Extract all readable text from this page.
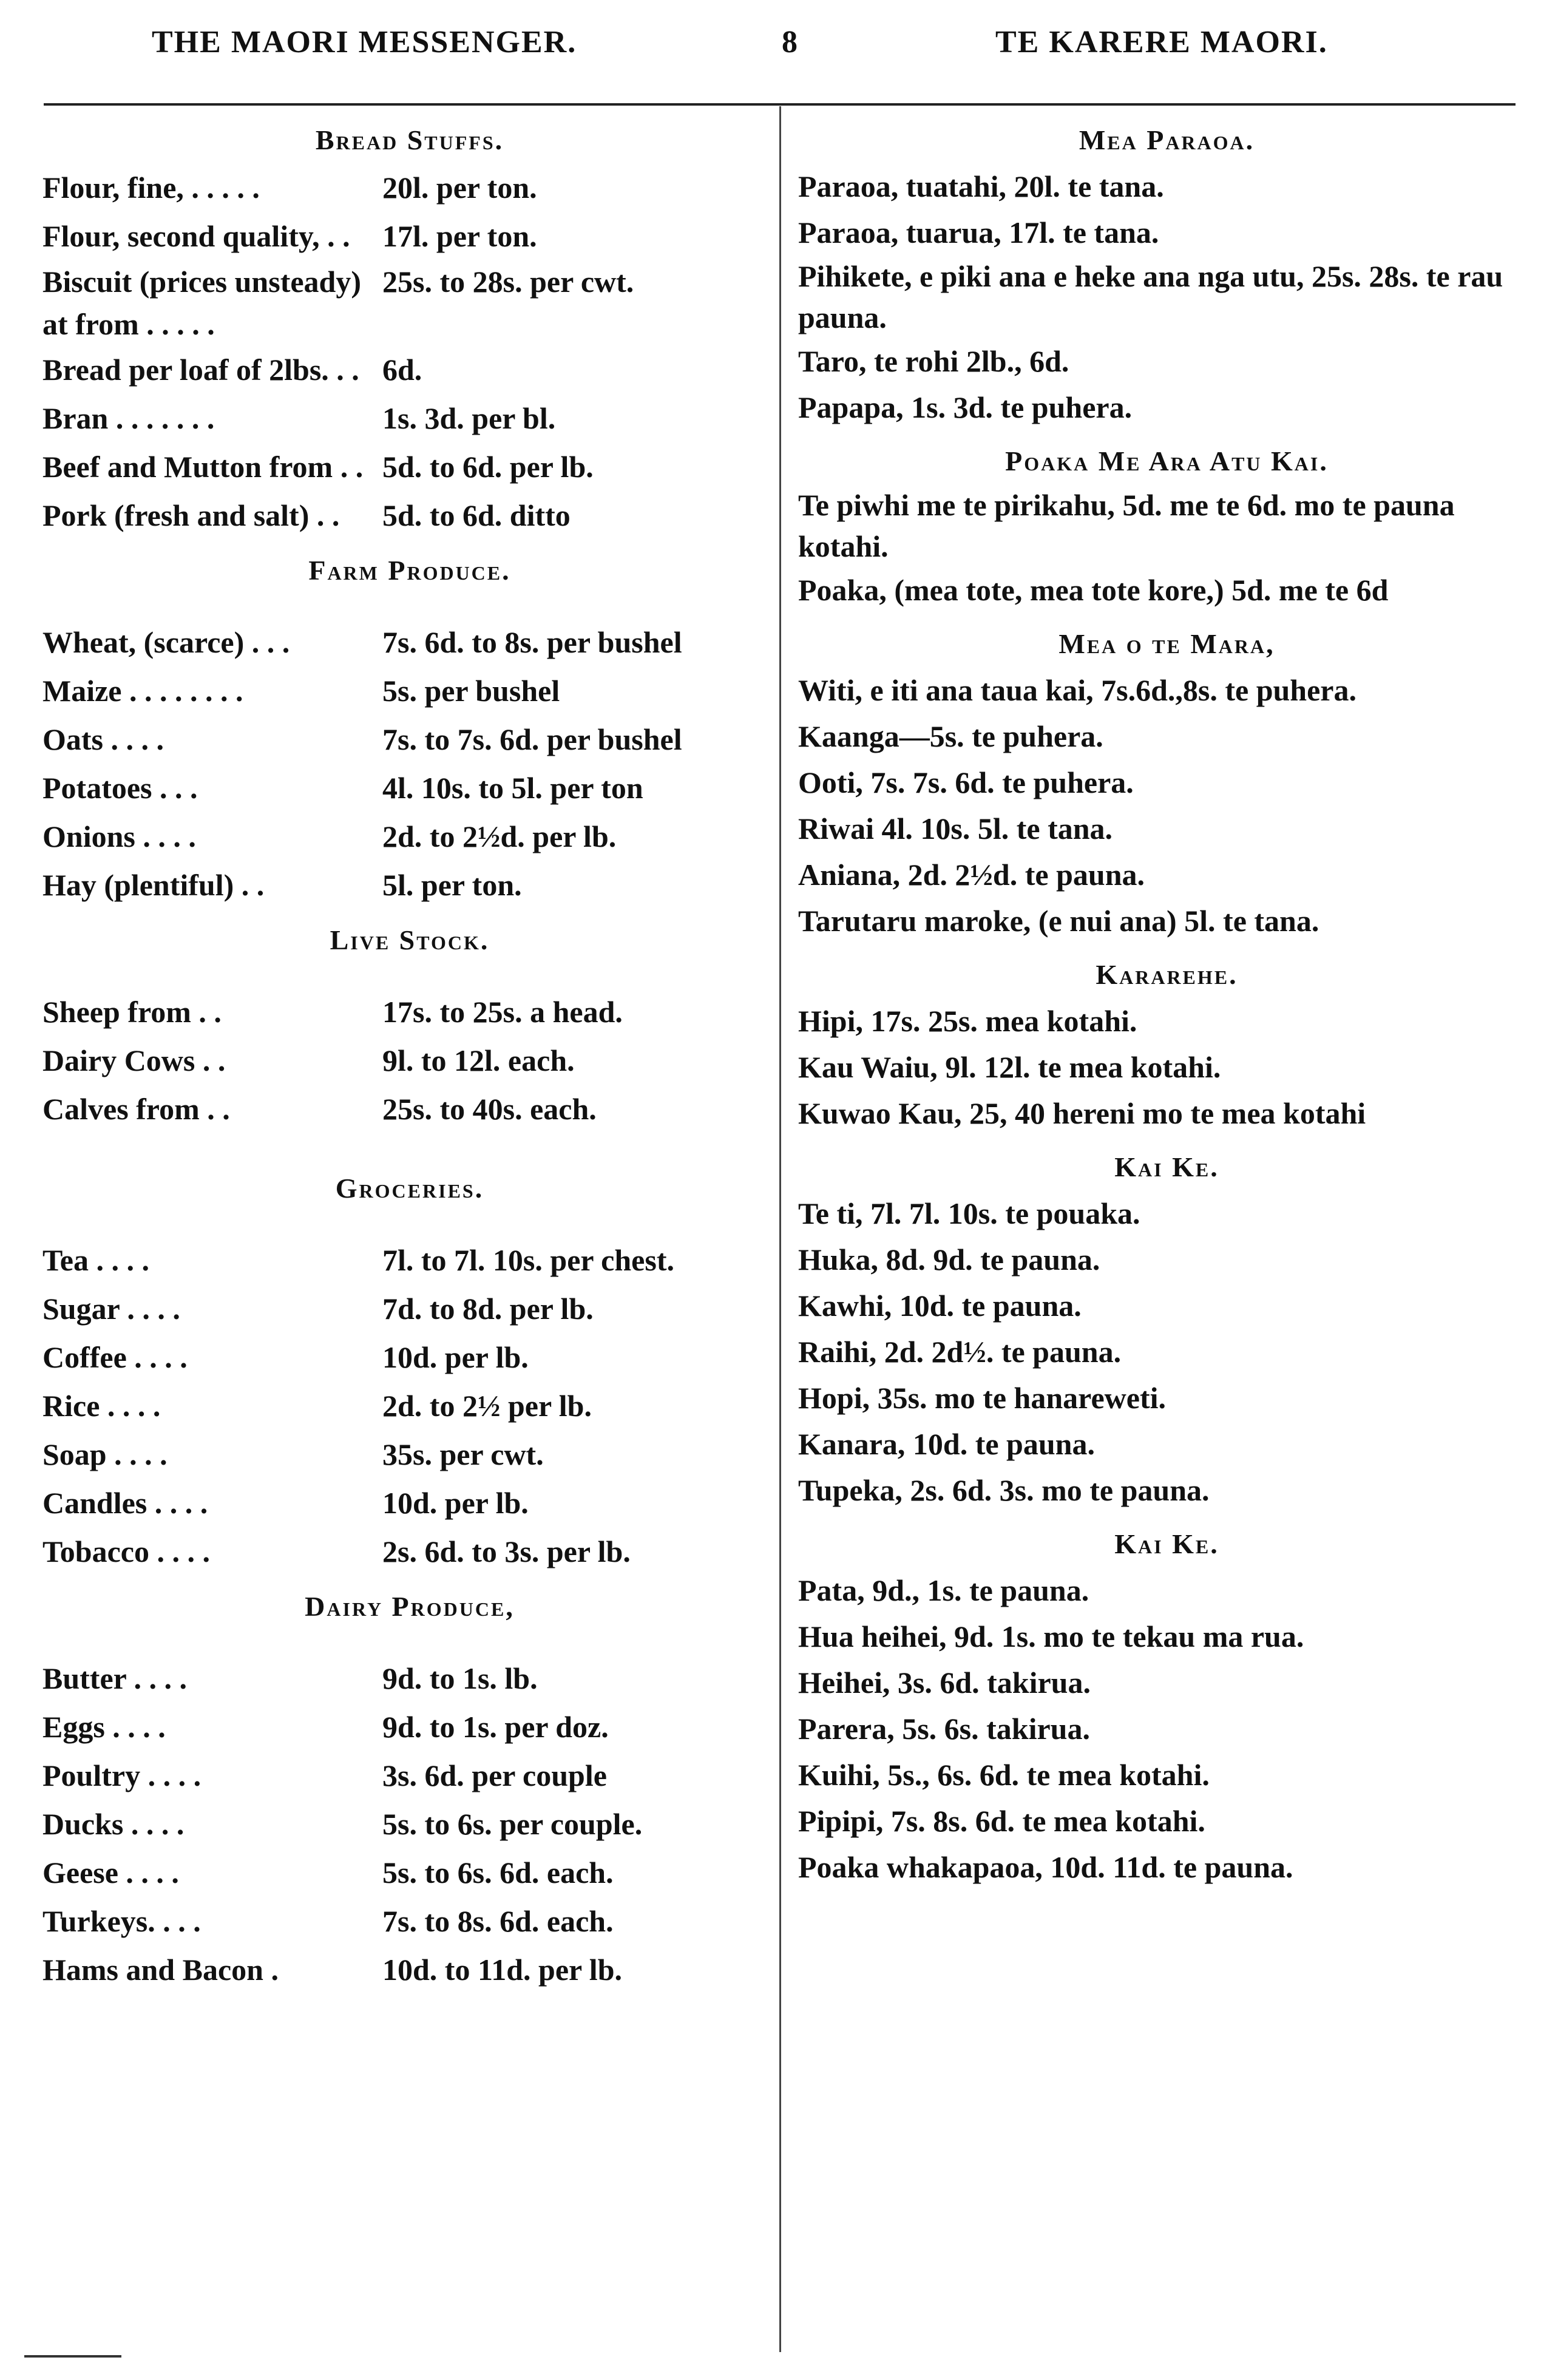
THE MAORI MESSENGER.	8	TE KARERE MAORI.
Bread Stuffs.
Flour, fine, . . . . .	20l. per ton.
Flour, second quality, . .	17l. per ton.
Biscuit (prices unsteady) at from . . . . .
25s. to 28s. per cwt.
Bread per loaf of 2lbs. . . 6d.
Bran . . . . . . .	1s. 3d. per bl.
Beef and Mutton from . . 5d. to 6d. per lb.
Pork (fresh and salt) . .	5d. to 6d. ditto
Farm Produce.
Wheat, (scarce) . . .	7s. 6d. to 8s. per bushel
Maize . . . . . . . .	5s. per bushel
Oats . . . .	7s. to 7s. 6d. per bushel
Potatoes . . .	4l. 10s. to 5l. per ton
Onions . . . .	2d. to 2½d. per lb.
Hay (plentiful) . .	5l. per ton.
Live Stock.
Sheep from . .	17s. to 25s. a head.
Dairy Cows . .	9l. to 12l. each.
Calves from . .	25s. to 40s. each.
Groceries.
Tea . . . .	7l. to 7l. 10s. per chest.
Sugar . . . .	7d. to 8d. per lb.
Coffee . . . .	10d. per lb.
Rice . . . .	2d. to 2½ per lb.
Soap . . . .	35s. per cwt.
Candles . . . .	10d. per lb.
Tobacco . . . .	2s. 6d. to 3s. per lb.
Dairy Produce,
Butter . . . .	9d. to 1s. lb.
Eggs . . . .	9d. to 1s. per doz.
Poultry . . . .	3s. 6d. per couple
Ducks . . . .	5s. to 6s. per couple.
Geese . . . .	5s. to 6s. 6d. each.
Turkeys. . . .	7s. to 8s. 6d. each.
Hams and Bacon .	10d. to 11d. per lb.
Mea Paraoa.
Paraoa, tuatahi, 20l. te tana.
Paraoa, tuarua, 17l. te tana.
Pihikete, e piki ana e heke ana nga utu, 25s. 28s. te rau pauna.
Taro, te rohi 2lb., 6d.
Papapa, 1s. 3d. te puhera.
Poaka Me Ara Atu Kai.
Te piwhi me te pirikahu, 5d. me te 6d. mo te pauna kotahi.
Poaka, (mea tote, mea tote kore,) 5d. me te 6d
Mea o te Mara,
Witi, e iti ana taua kai, 7s.6d.,8s. te puhera.
Kaanga—5s. te puhera.
Ooti, 7s. 7s. 6d. te puhera.
Riwai 4l. 10s. 5l. te tana.
Aniana, 2d. 2½d. te pauna.
Tarutaru maroke, (e nui ana) 5l. te tana.
Kararehe.
Hipi, 17s. 25s. mea kotahi.
Kau Waiu, 9l. 12l. te mea kotahi.
Kuwao Kau, 25, 40 hereni mo te mea kotahi
Kai Ke.
Te ti, 7l. 7l. 10s. te pouaka.
Huka, 8d. 9d. te pauna.
Kawhi, 10d. te pauna.
Raihi, 2d. 2d½. te pauna.
Hopi, 35s. mo te hanareweti.
Kanara, 10d. te pauna.
Tupeka, 2s. 6d. 3s. mo te pauna.
Kai Ke.
Pata, 9d., 1s. te pauna.
Hua heihei, 9d. 1s. mo te tekau ma rua.
Heihei, 3s. 6d. takirua.
Parera, 5s. 6s. takirua.
Kuihi, 5s., 6s. 6d. te mea kotahi.
Pipipi, 7s. 8s. 6d. te mea kotahi.
Poaka whakapaoa, 10d. 11d. te pauna.
